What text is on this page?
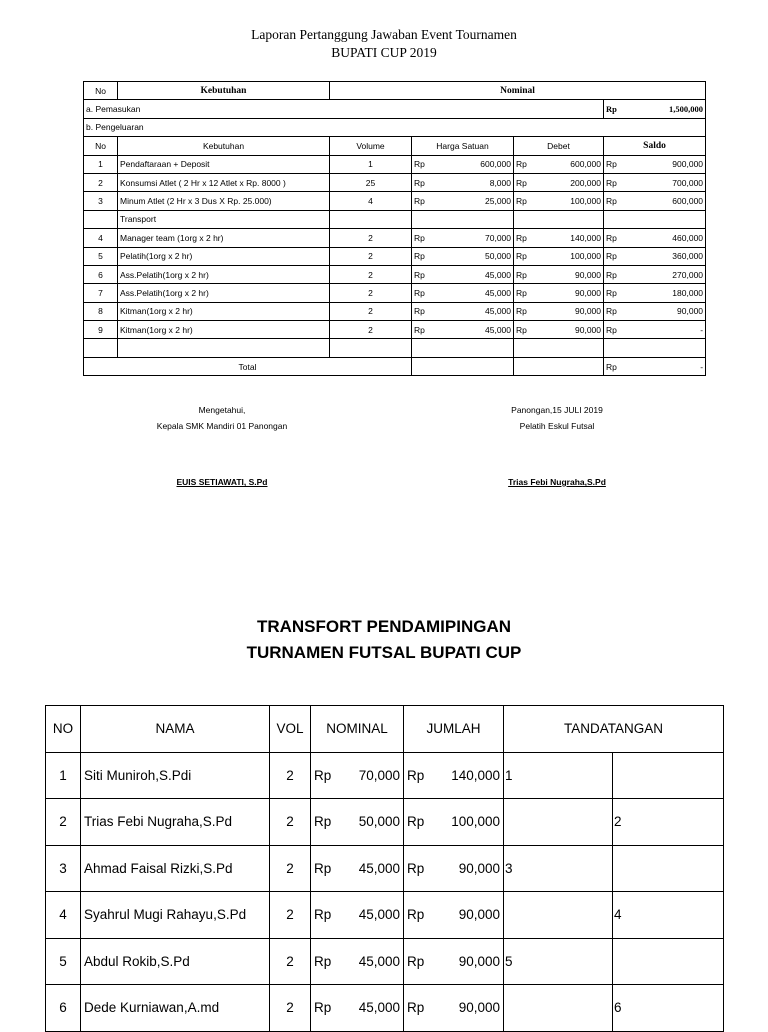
Laporan Pertanggung Jawaban Event Tournamen
BUPATI CUP 2019
No	Kebutuhan	Nominal						
a. Pemasukan							Rp	1,500,000
b. Pengeluaran								
No	Kebutuhan	Volume	Harga Satuan		Debet		Saldo	
1	Pendaftaraan + Deposit	1	Rp	600,000	Rp	600,000	Rp	900,000
2	Konsumsi Atlet ( 2 Hr x 12 Atlet x Rp. 8000 )	25	Rp	8,000	Rp	200,000	Rp	700,000
3	Minum Atlet (2 Hr x 3 Dus X Rp. 25.000)	4	Rp	25,000	Rp	100,000	Rp	600,000
	Transport							
4	Manager team (1org x 2 hr)	2	Rp	70,000	Rp	140,000	Rp	460,000
5	Pelatih(1org x 2 hr)	2	Rp	50,000	Rp	100,000	Rp	360,000
6	Ass.Pelatih(1org x 2 hr)	2	Rp	45,000	Rp	90,000	Rp	270,000
7	Ass.Pelatih(1org x 2 hr)	2	Rp	45,000	Rp	90,000	Rp	180,000
8	Kitman(1org x 2 hr)	2	Rp	45,000	Rp	90,000	Rp	90,000
9	Kitman(1org x 2 hr)	2	Rp	45,000	Rp	90,000	Rp	-

Total							Rp	-
Mengetahui,
Kepala SMK Mandiri 01 Panongan
EUIS SETIAWATI, S.Pd
Panongan,15 JULI 2019
Pelatih Eskul Futsal
Trias Febi Nugraha,S.Pd
TRANSFORT PENDAMIPINGAN
TURNAMEN FUTSAL BUPATI CUP
NO	NAMA	VOL	NOMINAL	JUMLAH	TANDATANGAN	
1	Siti Muniroh,S.Pdi	2	Rp 70,000	Rp 140,000	1	
2	Trias Febi Nugraha,S.Pd	2	Rp 50,000	Rp 100,000		2
3	Ahmad Faisal Rizki,S.Pd	2	Rp 45,000	Rp 90,000	3	
4	Syahrul Mugi Rahayu,S.Pd	2	Rp 45,000	Rp 90,000		4
5	Abdul Rokib,S.Pd	2	Rp 45,000	Rp 90,000	5	
6	Dede Kurniawan,A.md	2	Rp 45,000	Rp 90,000		6
